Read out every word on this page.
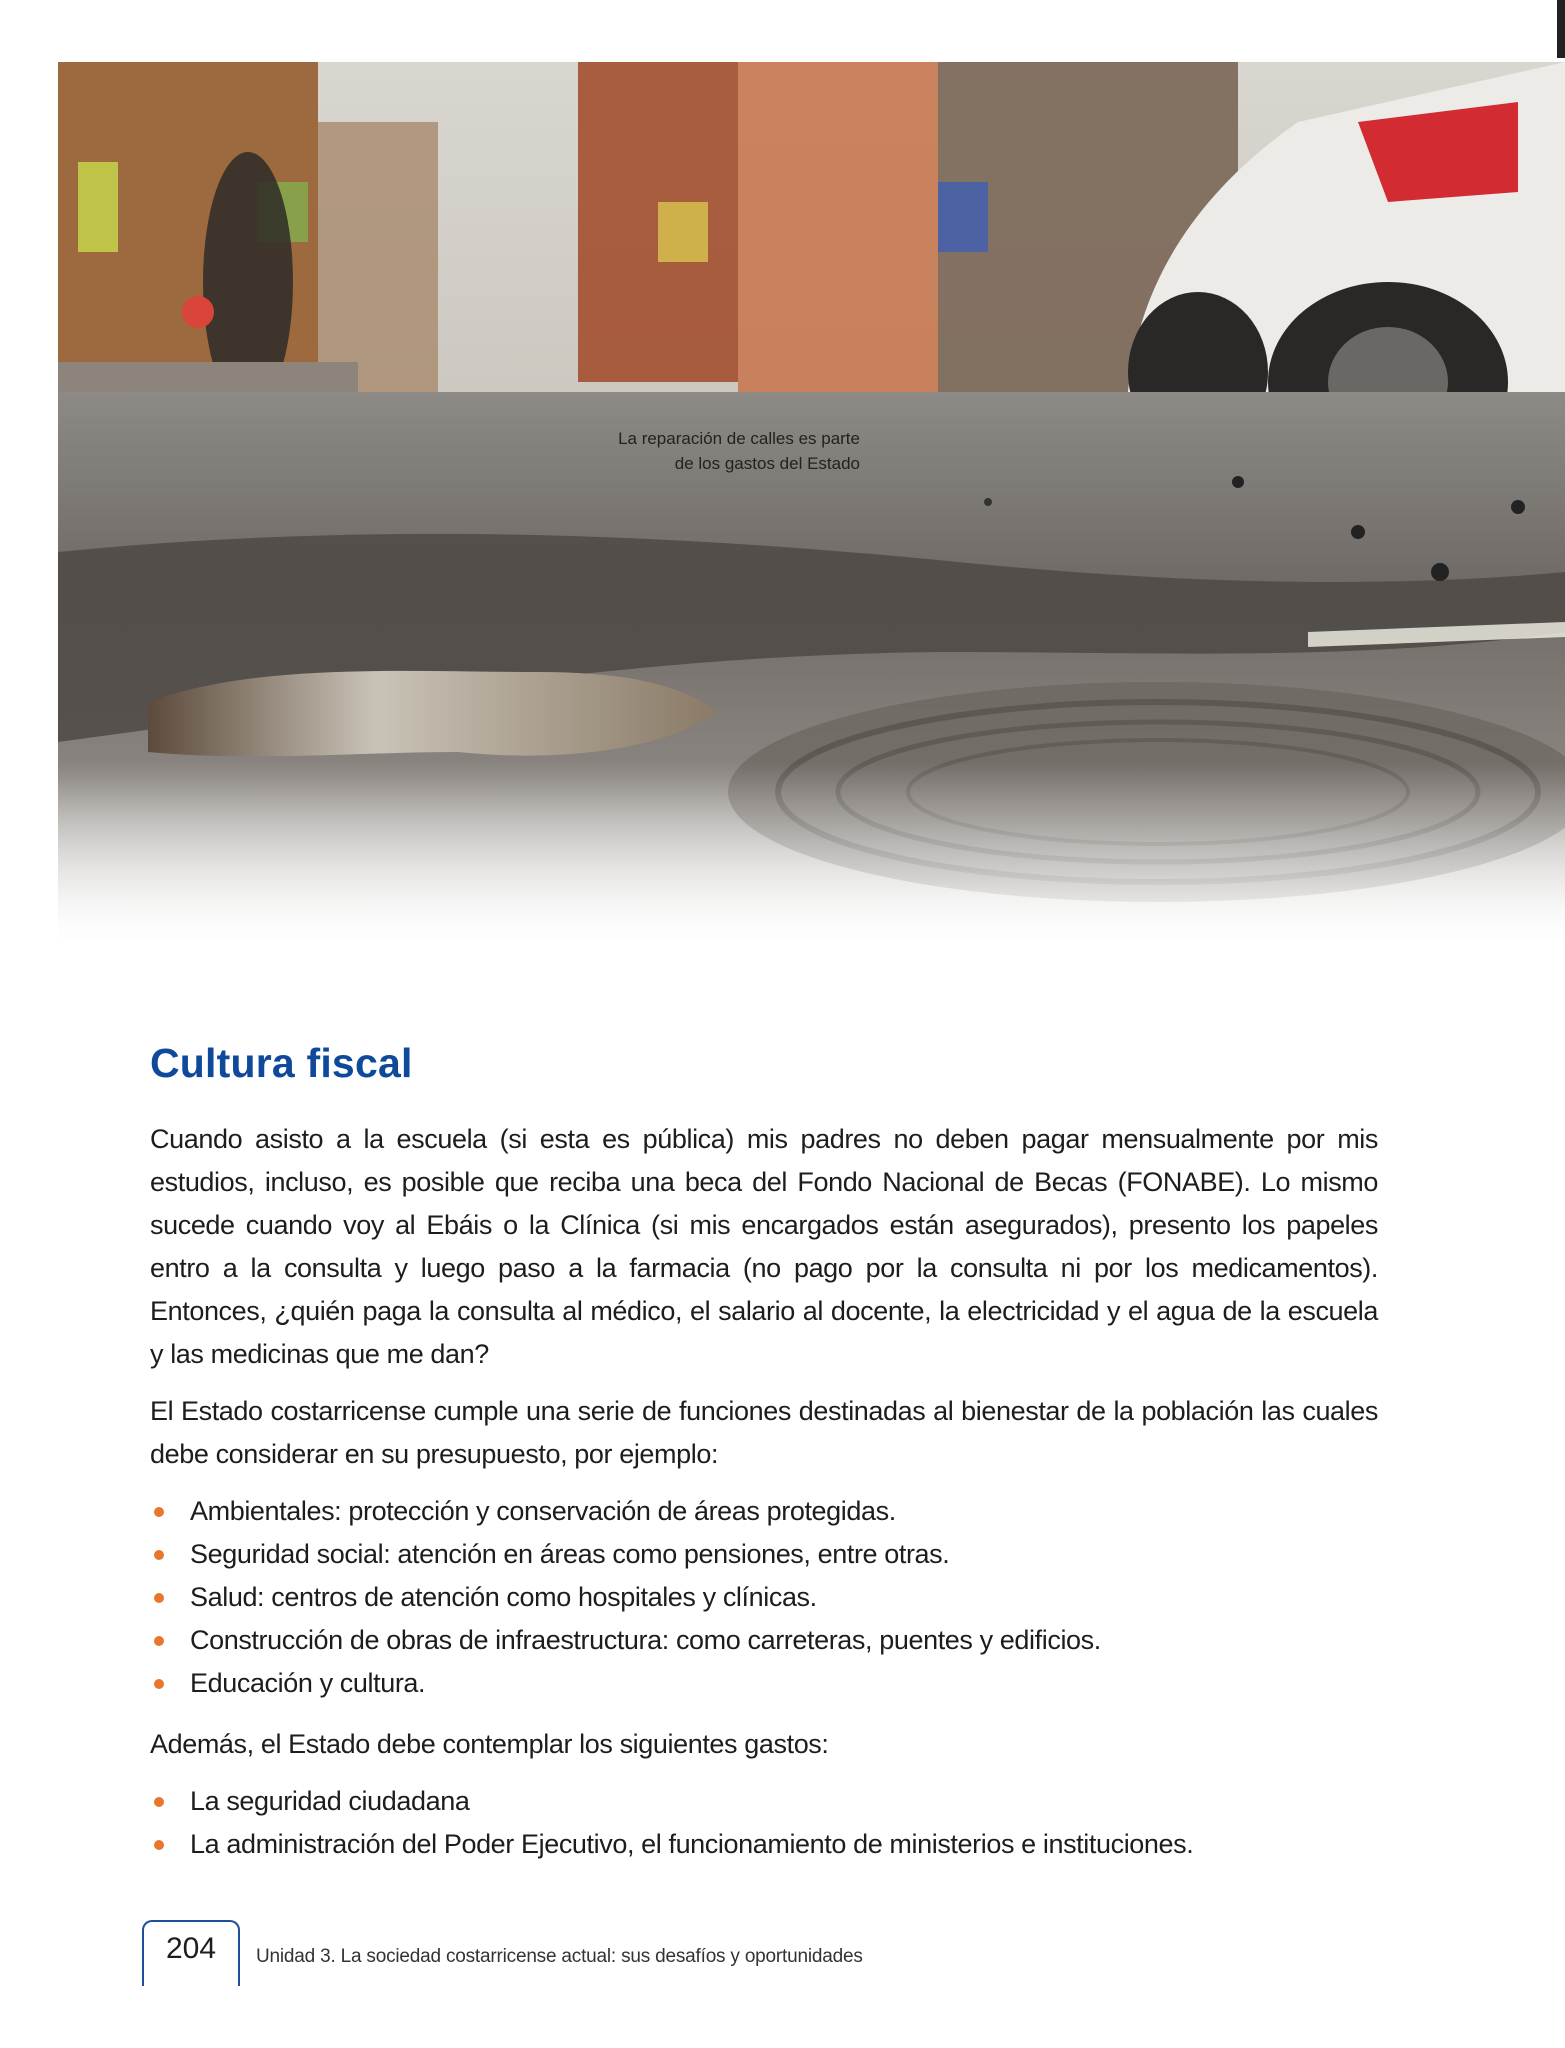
La reparación de calles es parte
de los gastos del Estado
Cultura fiscal

Cuando asisto a la escuela (si esta es pública) mis padres no deben pagar mensualmente por mis estudios, incluso, es posible que reciba una beca del Fondo Nacional de Becas (FONABE). Lo mismo sucede cuando voy al Ebáis o la Clínica (si mis encargados están asegurados), presento los papeles entro a la consulta y luego paso a la farmacia (no pago por la consulta ni por los medicamentos). Entonces, ¿quién paga la consulta al médico, el salario al docente, la electricidad y el agua de la escuela y las medicinas que me dan?

El Estado costarricense cumple una serie de funciones destinadas al bienestar de la población las cuales debe considerar en su presupuesto, por ejemplo:

Ambientales: protección y conservación de áreas protegidas.
Seguridad social: atención en áreas como pensiones, entre otras.
Salud: centros de atención como hospitales y clínicas.
Construcción de obras de infraestructura: como carreteras, puentes y edificios.
Educación y cultura.

Además, el Estado debe contemplar los siguientes gastos:

La seguridad ciudadana
La administración del Poder Ejecutivo, el funcionamiento de ministerios e instituciones.
204	Unidad 3. La sociedad costarricense actual: sus desafíos y oportunidades
